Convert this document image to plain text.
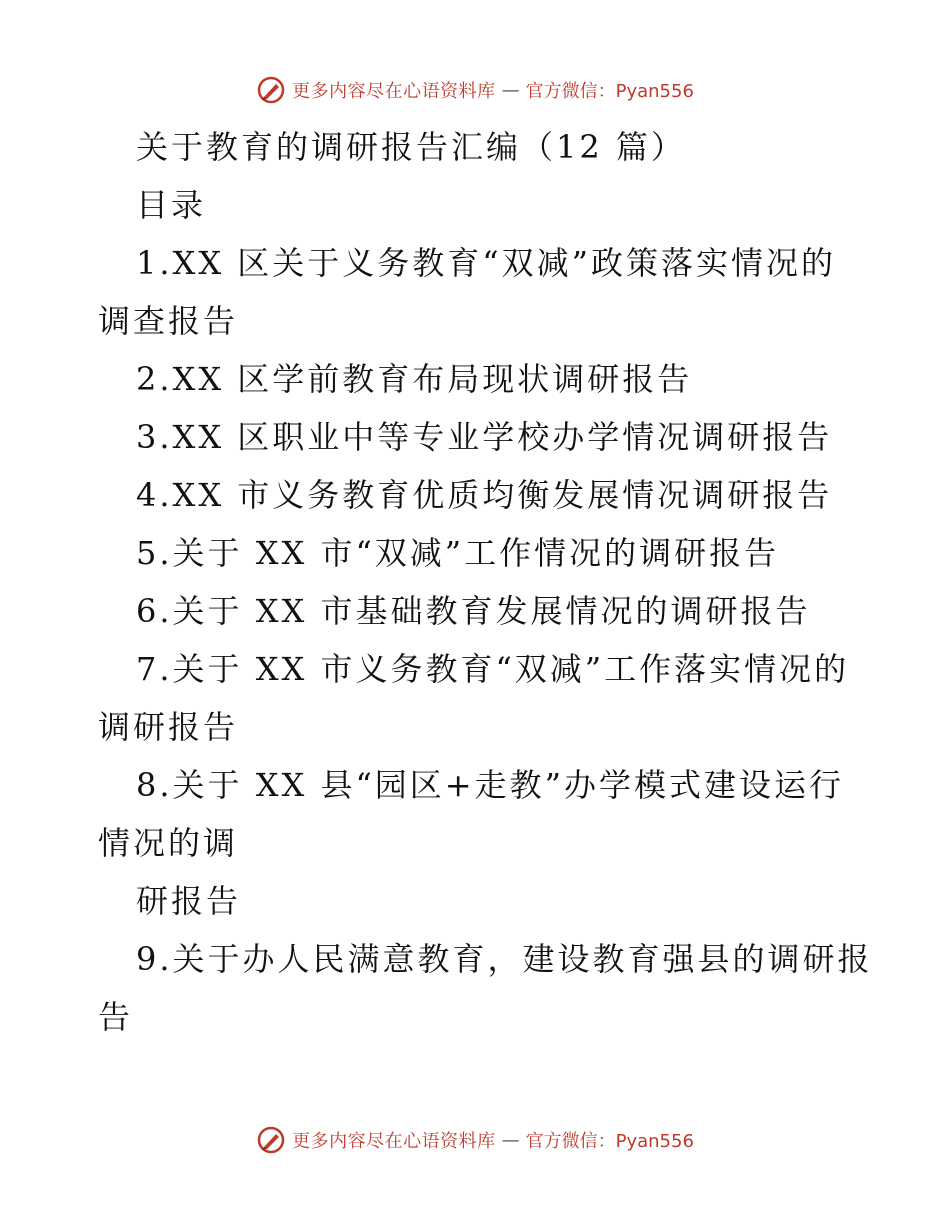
更多内容尽在心语资料库 — 官方微信：Pyan556
关于教育的调研报告汇编（12 篇）
目录
1.XX 区关于义务教育“双减”政策落实情况的
调查报告
2.XX 区学前教育布局现状调研报告
3.XX 区职业中等专业学校办学情况调研报告
4.XX 市义务教育优质均衡发展情况调研报告
5.关于 XX 市“双减”工作情况的调研报告
6.关于 XX 市基础教育发展情况的调研报告
7.关于 XX 市义务教育“双减”工作落实情况的
调研报告
8.关于 XX 县“园区+走教”办学模式建设运行
情况的调
研报告
9.关于办人民满意教育，建设教育强县的调研报
告
更多内容尽在心语资料库 — 官方微信：Pyan556
